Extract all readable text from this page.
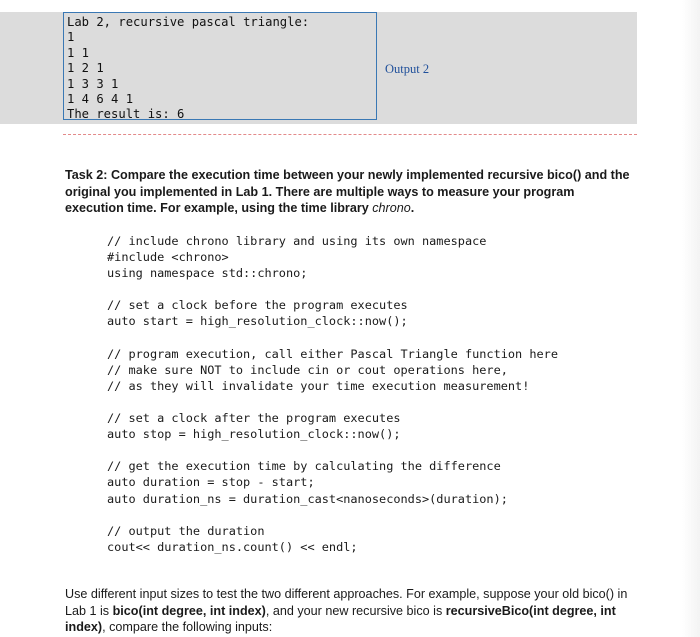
Lab 2, recursive pascal triangle:
1
1 1
1 2 1
1 3 3 1
1 4 6 4 1
The result is: 6
Output 2
Task 2: Compare the execution time between your newly implemented recursive bico() and the original you implemented in Lab 1. There are multiple ways to measure your program execution time. For example, using the time library chrono.
// include chrono library and using its own namespace
#include <chrono>
using namespace std::chrono;
// set a clock before the program executes
auto start = high_resolution_clock::now();
// program execution, call either Pascal Triangle function here
// make sure NOT to include cin or cout operations here,
// as they will invalidate your time execution measurement!
// set a clock after the program executes
auto stop = high_resolution_clock::now();
// get the execution time by calculating the difference
auto duration = stop - start;
auto duration_ns = duration_cast<nanoseconds>(duration);
// output the duration
cout<< duration_ns.count() << endl;
Use different input sizes to test the two different approaches. For example, suppose your old bico() in Lab 1 is bico(int degree, int index), and your new recursive bico is recursiveBico(int degree, int index), compare the following inputs:
